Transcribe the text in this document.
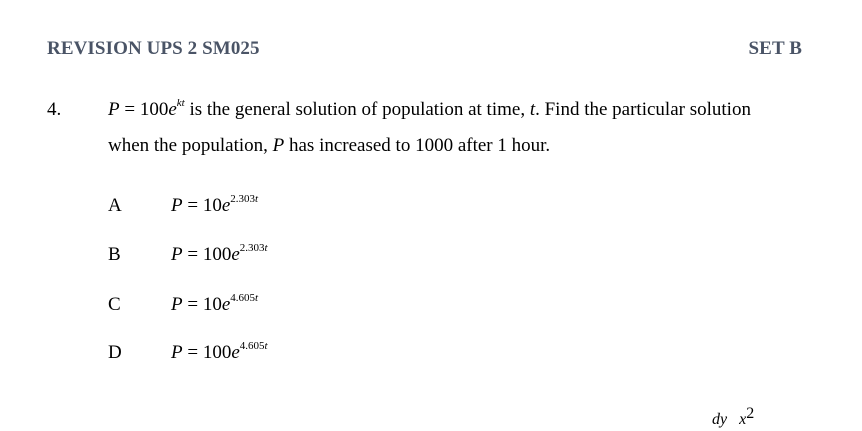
REVISION UPS 2 SM025	SET B
4. $P = 100e^{kt}$ is the general solution of population at time, t. Find the particular solution
when the population, P has increased to 1000 after 1 hour.
A	$P = 10e^{2.303t}$
B	$P = 100e^{2.303t}$
C	$P = 10e^{4.605t}$
D	$P = 100e^{4.605t}$
dy x2
